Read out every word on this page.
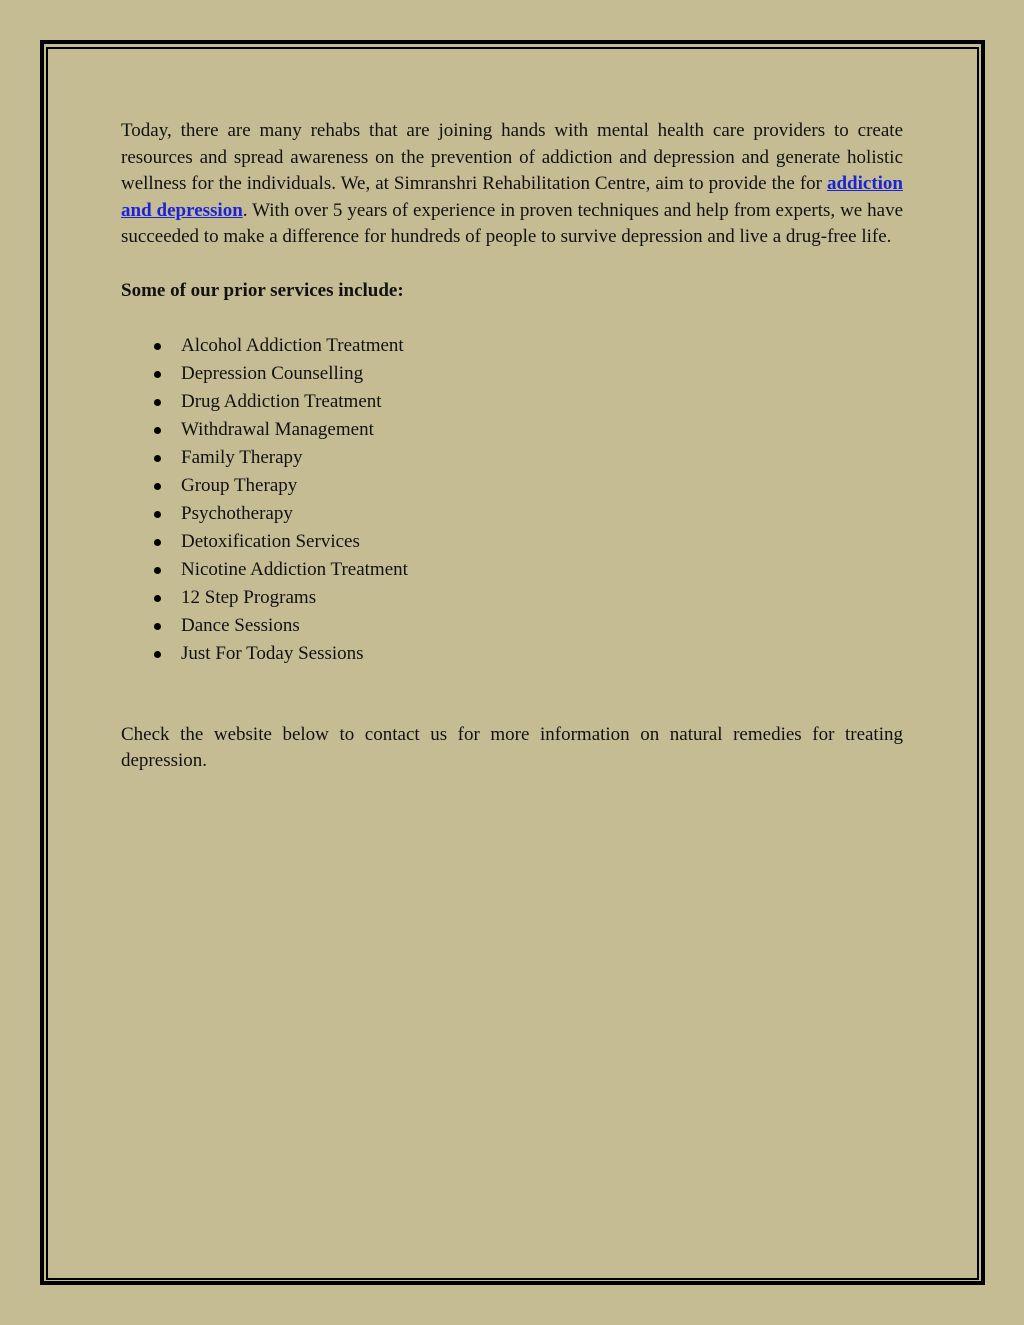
Today, there are many rehabs that are joining hands with mental health care providers to create resources and spread awareness on the prevention of addiction and depression and generate holistic wellness for the individuals. We, at Simranshri Rehabilitation Centre, aim to provide the for addiction and depression. With over 5 years of experience in proven techniques and help from experts, we have succeeded to make a difference for hundreds of people to survive depression and live a drug-free life.

Some of our prior services include:

Alcohol Addiction Treatment
Depression Counselling
Drug Addiction Treatment
Withdrawal Management
Family Therapy
Group Therapy
Psychotherapy
Detoxification Services
Nicotine Addiction Treatment
12 Step Programs
Dance Sessions
Just For Today Sessions

Check the website below to contact us for more information on natural remedies for treating depression.
